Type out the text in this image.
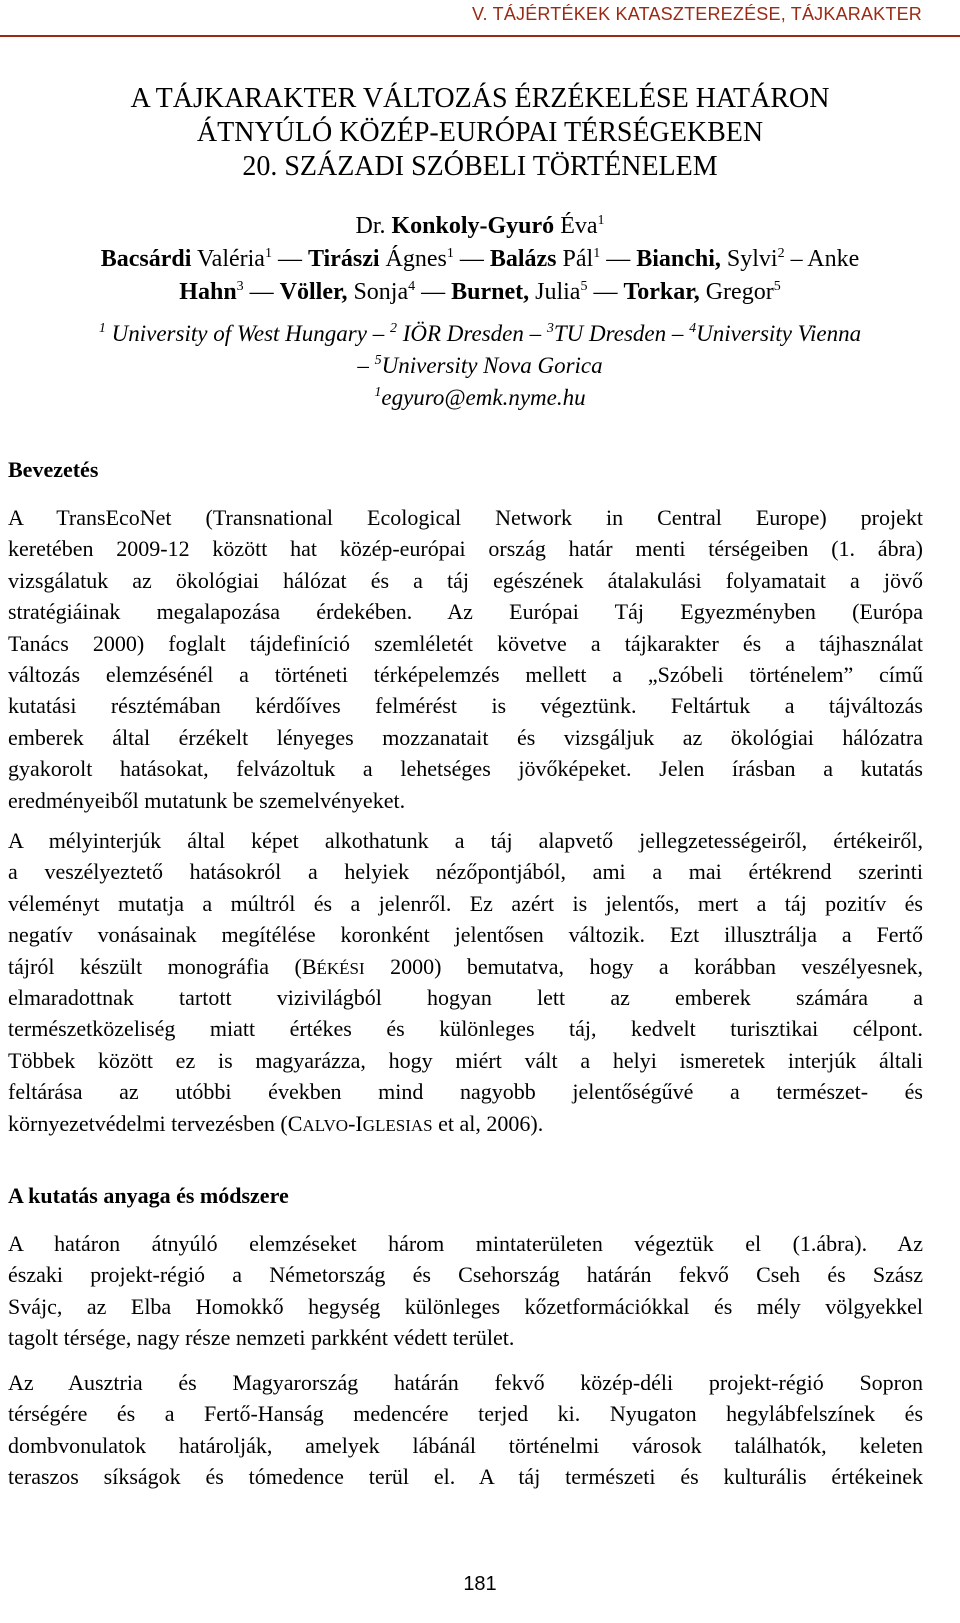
V. TÁJÉRTÉKEK KATASZTEREZÉSE, TÁJKARAKTER
A TÁJKARAKTER VÁLTOZÁS ÉRZÉKELÉSE HATÁRON
ÁTNYÚLÓ KÖZÉP-EURÓPAI TÉRSÉGEKBEN
20. SZÁZADI SZÓBELI TÖRTÉNELEM
Dr. Konkoly-Gyuró Éva$^1$
Bacsárdi Valéria$^1$ — Tirászi Ágnes$^1$ — Balázs Pál$^1$ — Bianchi, Sylvi$^2$ – Anke
Hahn$^3$ — Völler, Sonja$^4$ — Burnet, Julia$^5$ — Torkar, Gregor$^5$
$^1$ University of West Hungary – $^2$ IÖR Dresden – $^3$TU Dresden – $^4$University Vienna
– $^5$University Nova Gorica
$^1$egyuro@emk.nyme.hu
Bevezetés
A TransEcoNet (Transnational Ecological Network in Central Europe) projekt
keretében 2009-12 között hat közép-európai ország határ menti térségeiben (1. ábra)
vizsgálatuk az ökológiai hálózat és a táj egészének átalakulási folyamatait a jövő
stratégiáinak megalapozása érdekében. Az Európai Táj Egyezményben (Európa
Tanács 2000) foglalt tájdefiníció szemléletét követve a tájkarakter és a tájhasználat
változás elemzésénél a történeti térképelemzés mellett a „Szóbeli történelem” című
kutatási résztémában kérdőíves felmérést is végeztünk. Feltártuk a tájváltozás
emberek által érzékelt lényeges mozzanatait és vizsgáljuk az ökológiai hálózatra
gyakorolt hatásokat, felvázoltuk a lehetséges jövőképeket. Jelen írásban a kutatás
eredményeiből mutatunk be szemelvényeket.
A mélyinterjúk által képet alkothatunk a táj alapvető jellegzetességeiről, értékeiről,
a veszélyeztető hatásokról a helyiek nézőpontjából, ami a mai értékrend szerinti
véleményt mutatja a múltról és a jelenről. Ez azért is jelentős, mert a táj pozitív és
negatív vonásainak megítélése koronként jelentősen változik. Ezt illusztrálja a Fertő
tájról készült monográfia (BÉKÉSI 2000) bemutatva, hogy a korábban veszélyesnek,
elmaradottnak tartott vizivilágból hogyan lett az emberek számára a
természetközeliség miatt értékes és különleges táj, kedvelt turisztikai célpont.
Többek között ez is magyarázza, hogy miért vált a helyi ismeretek interjúk általi
feltárása az utóbbi években mind nagyobb jelentőségűvé a természet- és
környezetvédelmi tervezésben (CALVO-IGLESIAS et al, 2006).
A kutatás anyaga és módszere
A határon átnyúló elemzéseket három mintaterületen végeztük el (1.ábra). Az
északi projekt-régió a Németország és Csehország határán fekvő Cseh és Szász
Svájc, az Elba Homokkő hegység különleges kőzetformációkkal és mély völgyekkel
tagolt térsége, nagy része nemzeti parkként védett terület.
Az Ausztria és Magyarország határán fekvő közép-déli projekt-régió Sopron
térségére és a Fertő-Hanság medencére terjed ki. Nyugaton hegylábfelszínek és
dombvonulatok határolják, amelyek lábánál történelmi városok találhatók, keleten
teraszos síkságok és tómedence terül el. A táj természeti és kulturális értékeinek
181
